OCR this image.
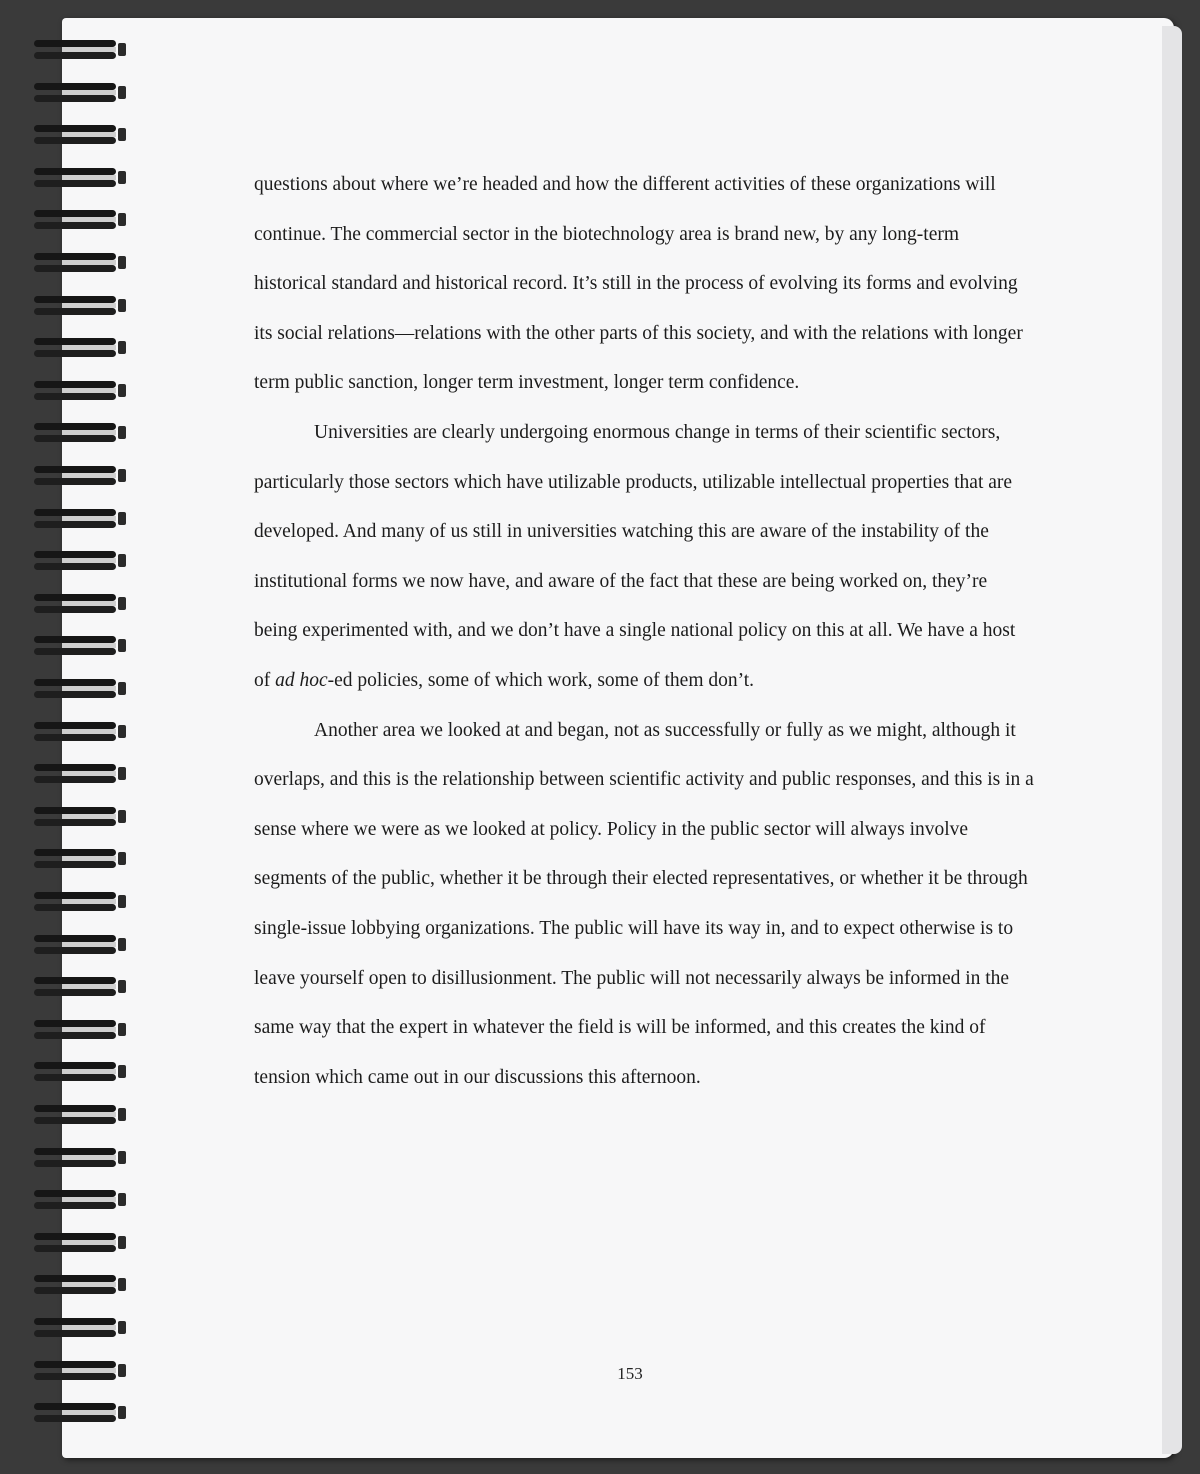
questions about where we’re headed and how the different activities of these organizations will continue. The commercial sector in the biotechnology area is brand new, by any long-term historical standard and historical record. It’s still in the process of evolving its forms and evolving its social relations—relations with the other parts of this society, and with the relations with longer term public sanction, longer term investment, longer term confidence.

Universities are clearly undergoing enormous change in terms of their scientific sectors, particularly those sectors which have utilizable products, utilizable intellectual properties that are developed. And many of us still in universities watching this are aware of the instability of the institutional forms we now have, and aware of the fact that these are being worked on, they’re being experimented with, and we don’t have a single national policy on this at all. We have a host of ad hoc-ed policies, some of which work, some of them don’t.

Another area we looked at and began, not as successfully or fully as we might, although it overlaps, and this is the relationship between scientific activity and public responses, and this is in a sense where we were as we looked at policy. Policy in the public sector will always involve segments of the public, whether it be through their elected representatives, or whether it be through single-issue lobbying organizations. The public will have its way in, and to expect otherwise is to leave yourself open to disillusionment. The public will not necessarily always be informed in the same way that the expert in whatever the field is will be informed, and this creates the kind of tension which came out in our discussions this afternoon.

153
